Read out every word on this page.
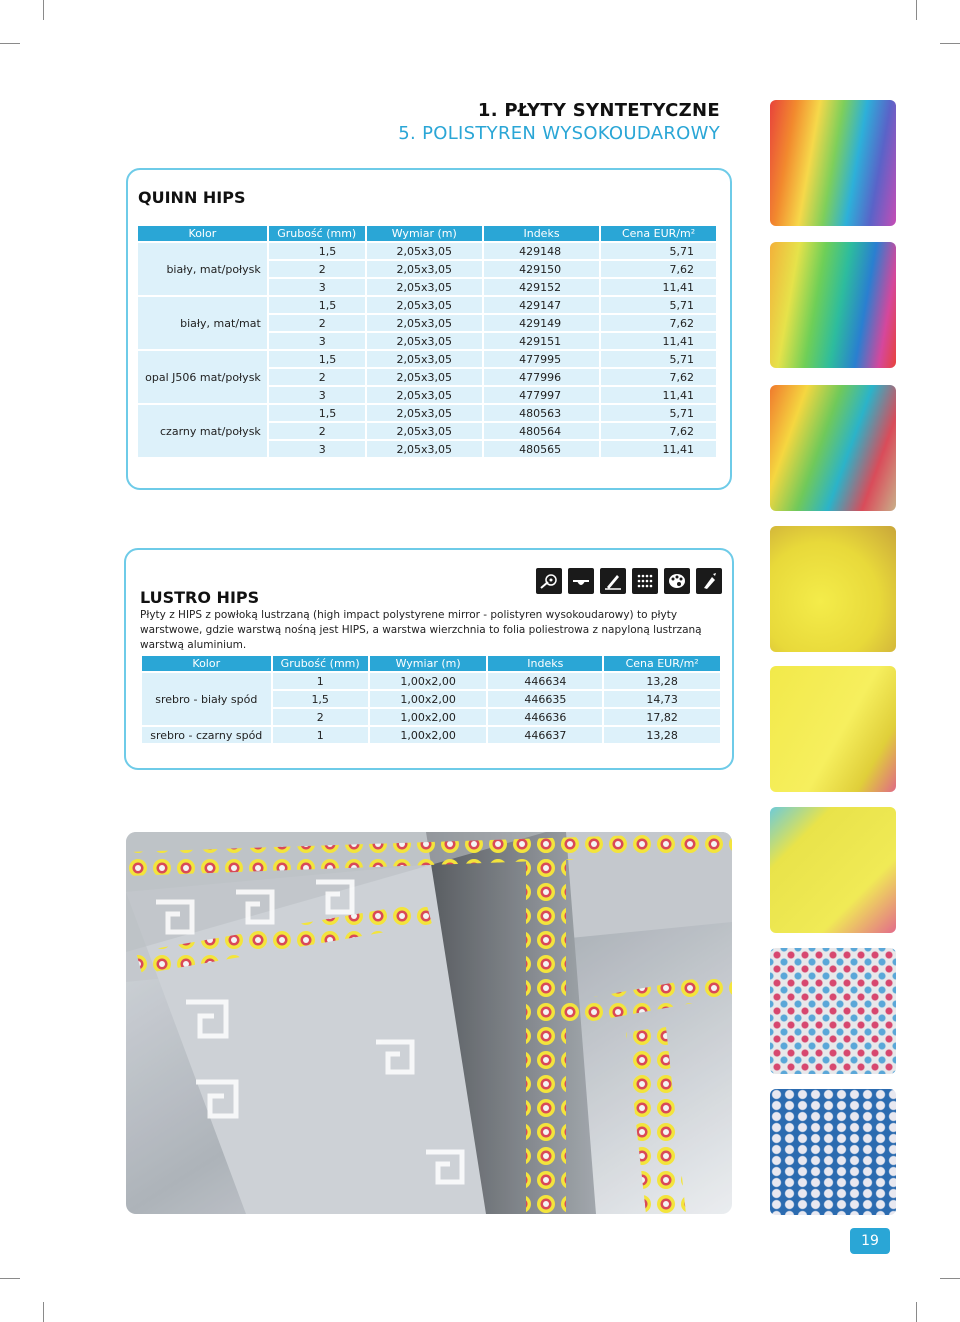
1. PŁYTY SYNTETYCZNE
5. POLISTYREN WYSOKOUDAROWY
QUINN HIPS
Kolor	Grubość (mm)	Wymiar (m)	Indeks	Cena EUR/m²
biały, mat/połysk	1,5	2,05x3,05	429148	5,71
	2	2,05x3,05	429150	7,62
	3	2,05x3,05	429152	11,41
biały, mat/mat	1,5	2,05x3,05	429147	5,71
	2	2,05x3,05	429149	7,62
	3	2,05x3,05	429151	11,41
opal J506 mat/połysk	1,5	2,05x3,05	477995	5,71
	2	2,05x3,05	477996	7,62
	3	2,05x3,05	477997	11,41
czarny mat/połysk	1,5	2,05x3,05	480563	5,71
	2	2,05x3,05	480564	7,62
	3	2,05x3,05	480565	11,41
LUSTRO HIPS
Płyty z HIPS z powłoką lustrzaną (high impact polystyrene mirror - polistyren wysokoudarowy) to płyty warstwowe, gdzie warstwą nośną jest HIPS, a warstwa wierzchnia to folia poliestrowa z napyloną lustrzaną warstwą aluminium.
Kolor	Grubość (mm)	Wymiar (m)	Indeks	Cena EUR/m²
srebro - biały spód	1	1,00x2,00	446634	13,28
	1,5	1,00x2,00	446635	14,73
	2	1,00x2,00	446636	17,82
srebro - czarny spód	1	1,00x2,00	446637	13,28
19
